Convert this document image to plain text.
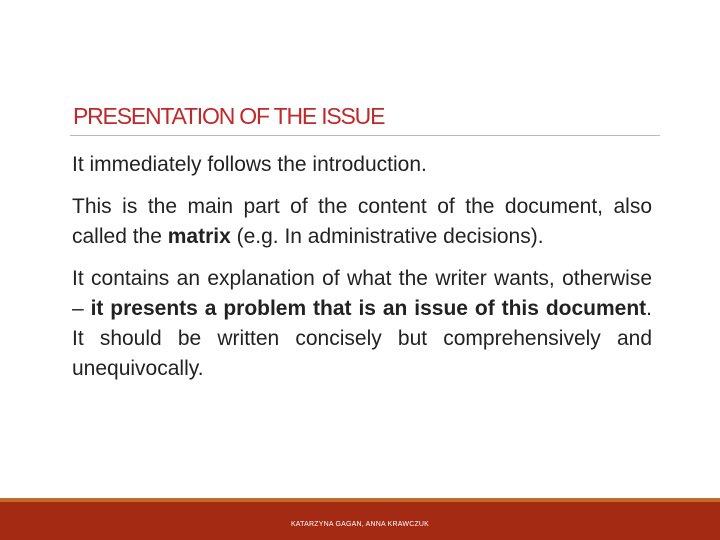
PRESENTATION OF THE ISSUE

It immediately follows the introduction.

This is the main part of the content of the document, also called the matrix (e.g. In administrative decisions).

It contains an explanation of what the writer wants, otherwise – it presents a problem that is an issue of this document. It should be written concisely but comprehensively and unequivocally.

KATARZYNA GAGAN, ANNA KRAWCZUK
